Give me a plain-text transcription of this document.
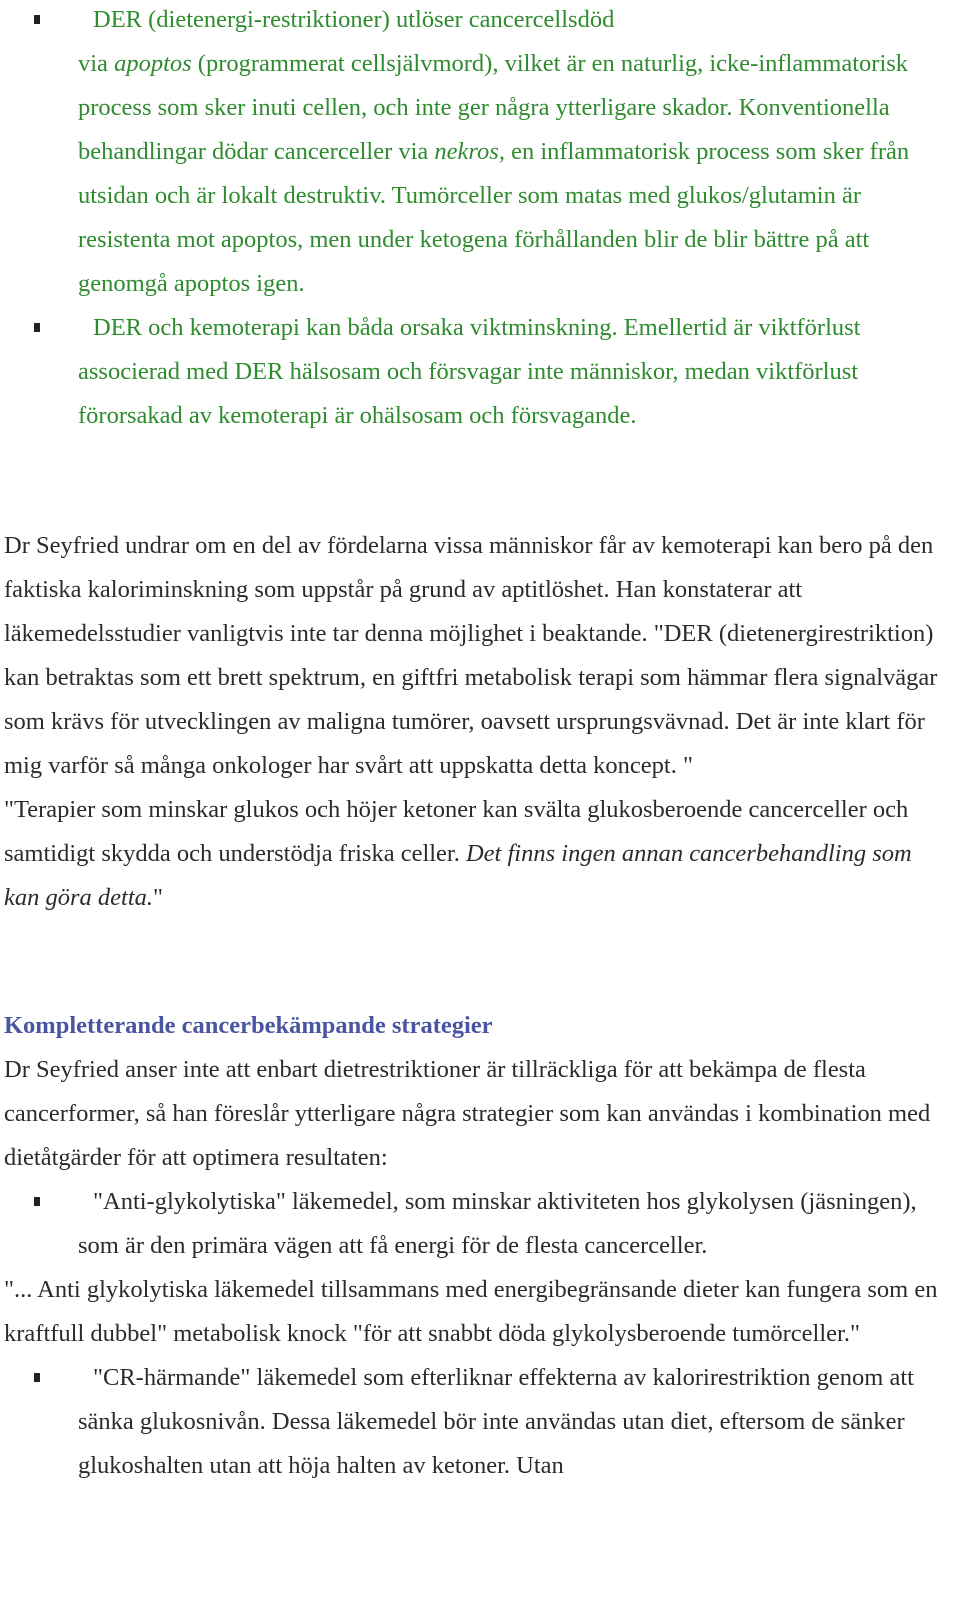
DER (dietenergi-restriktioner) utlöser cancercellsdöd
via apoptos (programmerat cellsjälvmord), vilket är en naturlig, icke-inflammatorisk process som sker inuti cellen, och inte ger några ytterligare skador. Konventionella behandlingar dödar cancerceller via nekros, en inflammatorisk process som sker från utsidan och är lokalt destruktiv. Tumörceller som matas med glukos/glutamin är resistenta mot apoptos, men under ketogena förhållanden blir de blir bättre på att genomgå apoptos igen.
DER och kemoterapi kan båda orsaka viktminskning. Emellertid är viktförlust associerad med DER hälsosam och försvagar inte människor, medan viktförlust förorsakad av kemoterapi är ohälsosam och försvagande.

Dr Seyfried undrar om en del av fördelarna vissa människor får av kemoterapi kan bero på den faktiska kaloriminskning som uppstår på grund av aptitlöshet. Han konstaterar att läkemedelsstudier vanligtvis inte tar denna möjlighet i beaktande. "DER (dietenergirestriktion) kan betraktas som ett brett spektrum, en giftfri metabolisk terapi som hämmar flera signalvägar som krävs för utvecklingen av maligna tumörer, oavsett ursprungsvävnad. Det är inte klart för mig varför så många onkologer har svårt att uppskatta detta koncept. "

"Terapier som minskar glukos och höjer ketoner kan svälta glukosberoende cancerceller och samtidigt skydda och understödja friska celler. Det finns ingen annan cancerbehandling som kan göra detta."

Kompletterande cancerbekämpande strategier

Dr Seyfried anser inte att enbart dietrestriktioner är tillräckliga för att bekämpa de flesta cancerformer, så han föreslår ytterligare några strategier som kan användas i kombination med dietåtgärder för att optimera resultaten:

"Anti-glykolytiska" läkemedel, som minskar aktiviteten hos glykolysen (jäsningen), som är den primära vägen att få energi för de flesta cancerceller.

"... Anti glykolytiska läkemedel tillsammans med energibegränsande dieter kan fungera som en kraftfull dubbel" metabolisk knock "för att snabbt döda glykolysberoende tumörceller."

"CR-härmande" läkemedel som efterliknar effekterna av kalorirestriktion genom att sänka glukosnivån. Dessa läkemedel bör inte användas utan diet, eftersom de sänker glukoshalten utan att höja halten av ketoner. Utan
